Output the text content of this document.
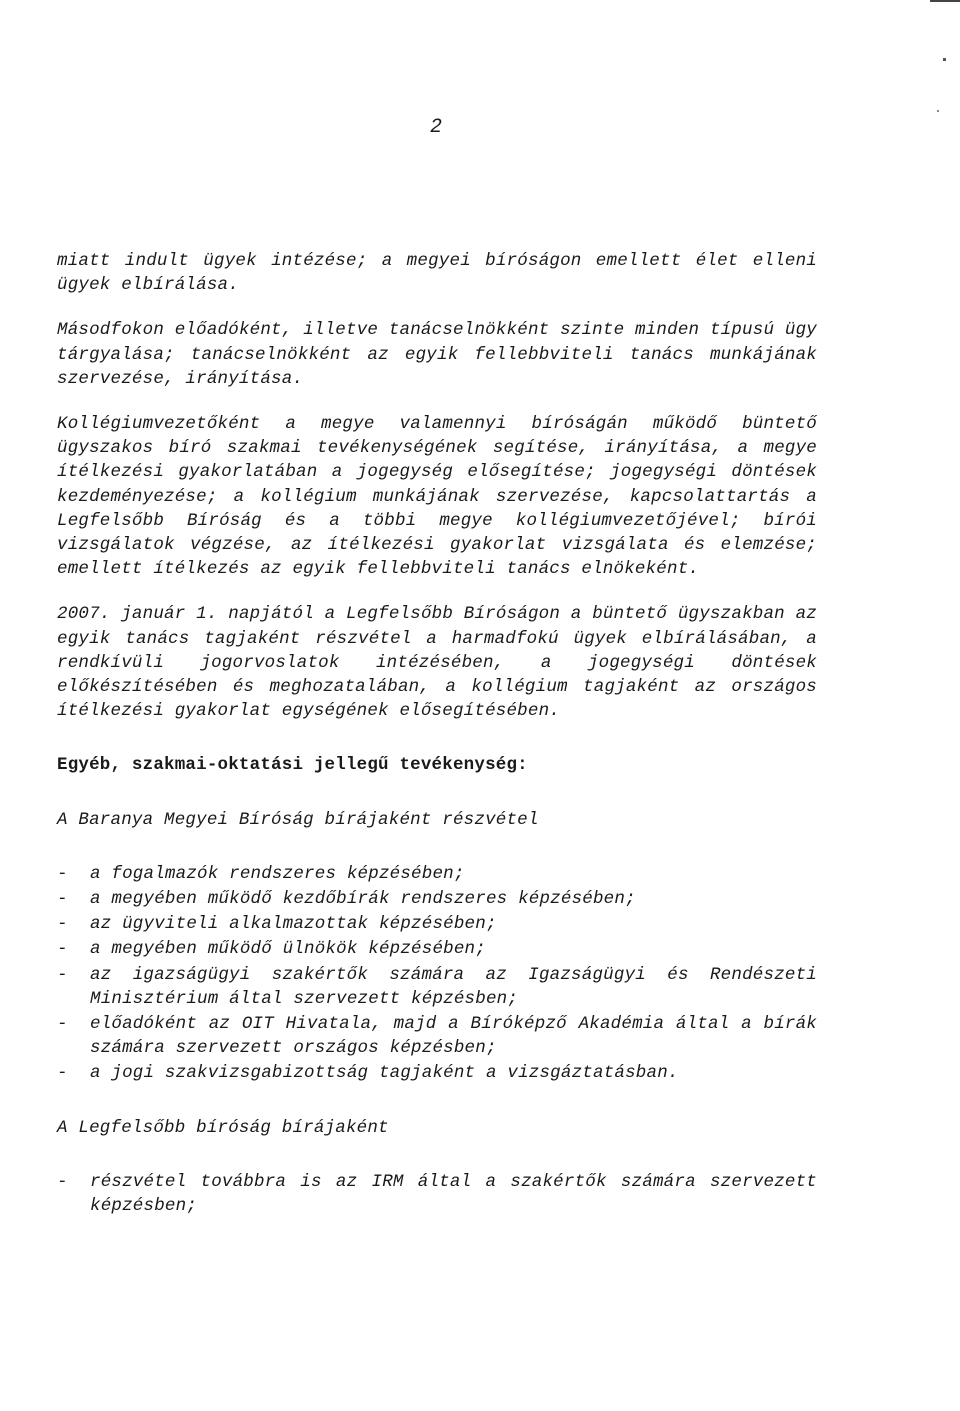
2

miatt indult ügyek intézése; a megyei bíróságon emellett élet elleni ügyek elbírálása.

Másodfokon előadóként, illetve tanácselnökként szinte minden típusú ügy tárgyalása; tanácselnökként az egyik fellebbviteli tanács munkájának szervezése, irányítása.

Kollégiumvezetőként a megye valamennyi bíróságán működő büntető ügyszakos bíró szakmai tevékenységének segítése, irányítása, a megye ítélkezési gyakorlatában a jogegység elősegítése; jogegységi döntések kezdeményezése; a kollégium munkájának szervezése, kapcsolattartás a Legfelsőbb Bíróság és a többi megye kollégiumvezetőjével; bírói vizsgálatok végzése, az ítélkezési gyakorlat vizsgálata és elemzése; emellett ítélkezés az egyik fellebbviteli tanács elnökeként.

2007. január 1. napjától a Legfelsőbb Bíróságon a büntető ügyszakban az egyik tanács tagjaként részvétel a harmadfokú ügyek elbírálásában, a rendkívüli jogorvoslatok intézésében, a jogegységi döntések előkészítésében és meghozatalában, a kollégium tagjaként az országos ítélkezési gyakorlat egységének elősegítésében.

Egyéb, szakmai-oktatási jellegű tevékenység:
A Baranya Megyei Bíróság bírájaként részvétel
- a fogalmazók rendszeres képzésében;
- a megyében működő kezdőbírák rendszeres képzésében;
- az ügyviteli alkalmazottak képzésében;
- a megyében működő ülnökök képzésében;
- az igazságügyi szakértők számára az Igazságügyi és Rendészeti Minisztérium által szervezett képzésben;
- előadóként az OIT Hivatala, majd a Bíróképző Akadémia által a bírák számára szervezett országos képzésben;
- a jogi szakvizsgabizottság tagjaként a vizsgáztatásban.
A Legfelsőbb bíróság bírájaként
- részvétel továbbra is az IRM által a szakértők számára szervezett képzésben;
